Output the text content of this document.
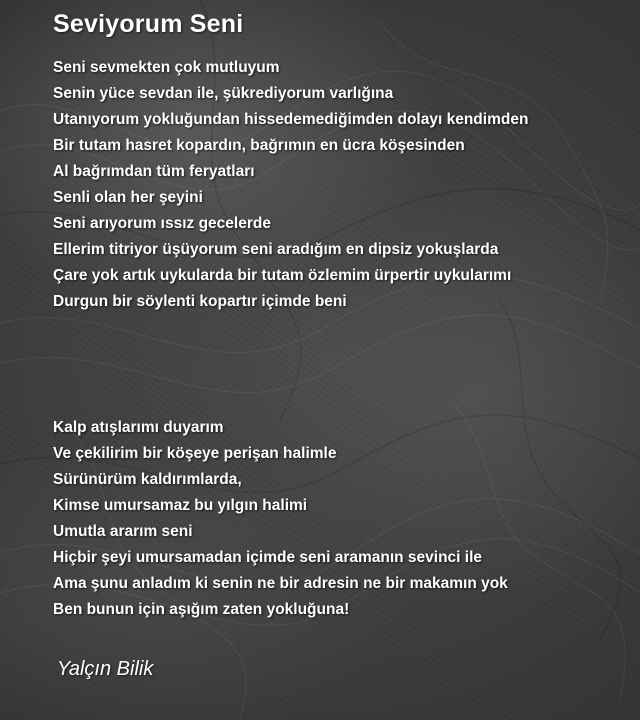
Seviyorum Seni
Seni sevmekten çok mutluyum
Senin yüce sevdan ile, şükrediyorum varlığına
Utanıyorum yokluğundan hissedemediğimden dolayı kendimden
Bir tutam hasret kopardın, bağrımın en ücra köşesinden
Al bağrımdan tüm feryatları
Senli olan her şeyini
Seni arıyorum ıssız gecelerde
Ellerim titriyor üşüyorum seni aradığım en dipsiz yokuşlarda
Çare yok artık uykularda bir tutam özlemim ürpertir uykularımı
Durgun bir söylenti kopartır içimde beni
Kalp atışlarımı duyarım
Ve çekilirim bir köşeye perişan halimle
Sürünürüm kaldırımlarda,
Kimse umursamaz bu yılgın halimi
Umutla ararım seni
Hiçbir şeyi umursamadan içimde seni aramanın sevinci ile
Ama şunu anladım ki senin ne bir adresin ne bir makamın yok
Ben bunun için aşığım zaten yokluğuna!
Yalçın Bilik
